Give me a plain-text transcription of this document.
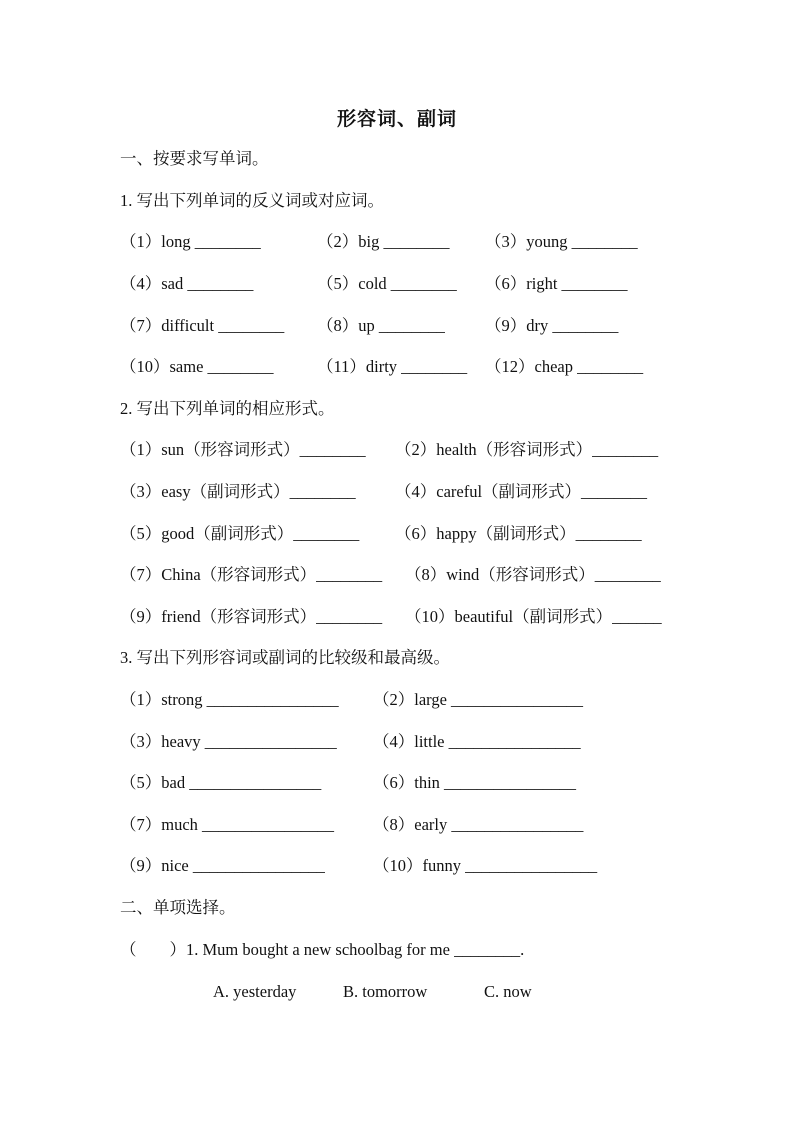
形容词、副词
一、按要求写单词。
1. 写出下列单词的反义词或对应词。
（1）long ________	（2）big ________ （3）young ________
（4）sad ________	（5）cold ________ （6）right ________
（7）difficult ________ （8）up ________ （9）dry ________
（10）same ________	（11）dirty ________ （12）cheap ________
2. 写出下列单词的相应形式。
（1）sun（形容词形式）________ （2）health（形容词形式）________
（3）easy（副词形式）________ （4）careful（副词形式）________
（5）good（副词形式）________ （6）happy（副词形式）________
（7）China（形容词形式）________ （8）wind（形容词形式）________
（9）friend（形容词形式）________ （10）beautiful（副词形式）______
3. 写出下列形容词或副词的比较级和最高级。
（1）strong ________________ （2）large ________________
（3）heavy ________________ （4）little ________________
（5）bad ________________	（6）thin ________________
（7）much ________________ （8）early ________________
（9）nice ________________	（10）funny ________________
二、单项选择。
（　　）1. Mum bought a new schoolbag for me ________.
A. yesterday	B. tomorrow	C. now
